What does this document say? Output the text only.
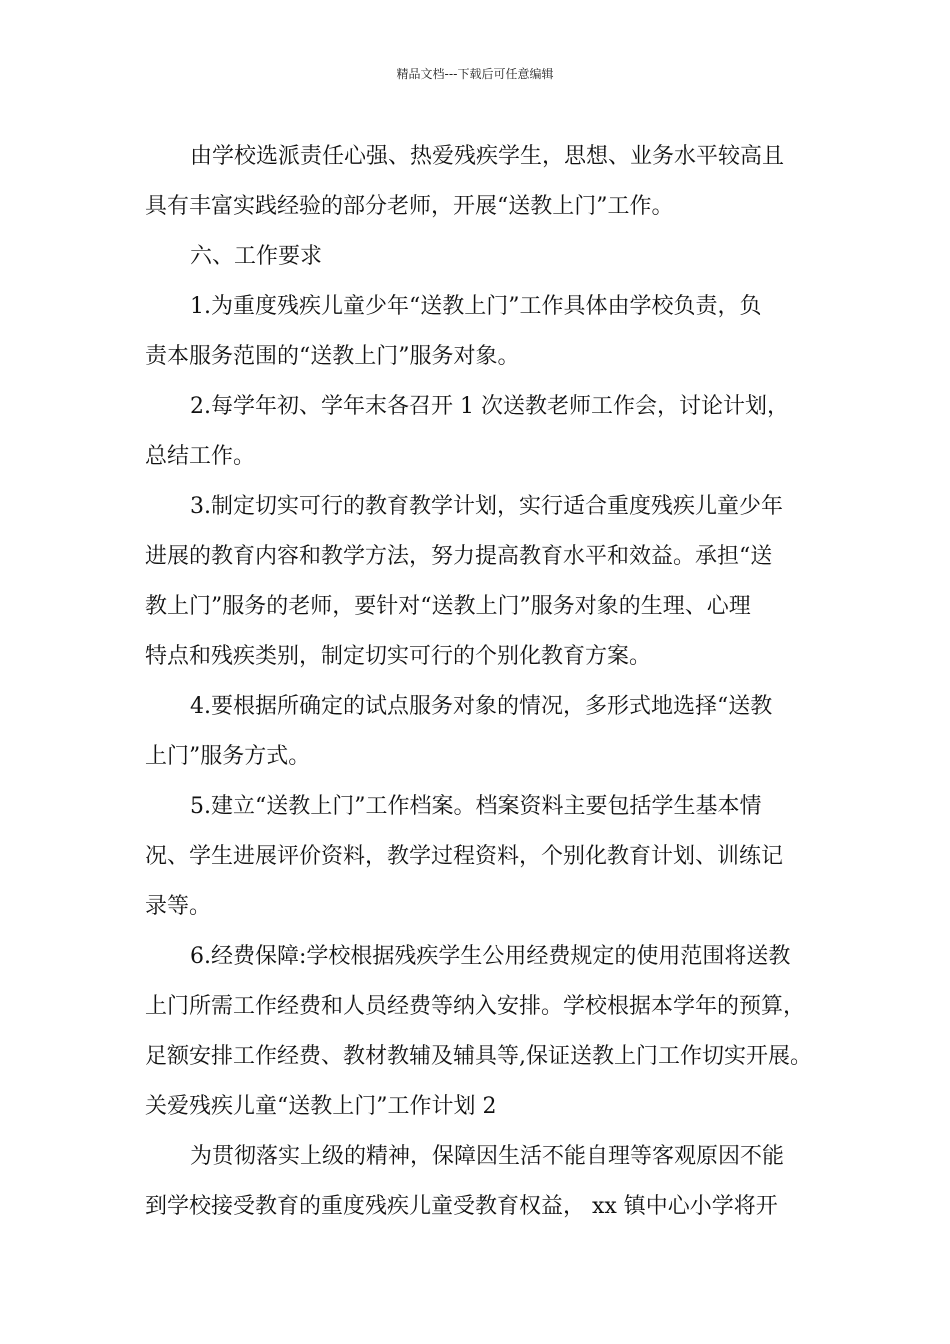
精品文档---下载后可任意编辑
由学校选派责任心强、热爱残疾学生，思想、业务水平较高且
具有丰富实践经验的部分老师，开展“送教上门”工作。
六、工作要求
1.为重度残疾儿童少年“送教上门”工作具体由学校负责，负
责本服务范围的“送教上门”服务对象。
2.每学年初、学年末各召开 1 次送教老师工作会，讨论计划，
总结工作。
3.制定切实可行的教育教学计划，实行适合重度残疾儿童少年
进展的教育内容和教学方法，努力提高教育水平和效益。承担“送
教上门”服务的老师，要针对“送教上门”服务对象的生理、心理
特点和残疾类别，制定切实可行的个别化教育方案。
4.要根据所确定的试点服务对象的情况，多形式地选择“送教
上门”服务方式。
5.建立“送教上门”工作档案。档案资料主要包括学生基本情
况、学生进展评价资料，教学过程资料，个别化教育计划、训练记
录等。
6.经费保障:学校根据残疾学生公用经费规定的使用范围将送教
上门所需工作经费和人员经费等纳入安排。学校根据本学年的预算，
足额安排工作经费、教材教辅及辅具等,保证送教上门工作切实开展。
关爱残疾儿童“送教上门”工作计划 2
为贯彻落实上级的精神，保障因生活不能自理等客观原因不能
到学校接受教育的重度残疾儿童受教育权益， xx 镇中心小学将开
